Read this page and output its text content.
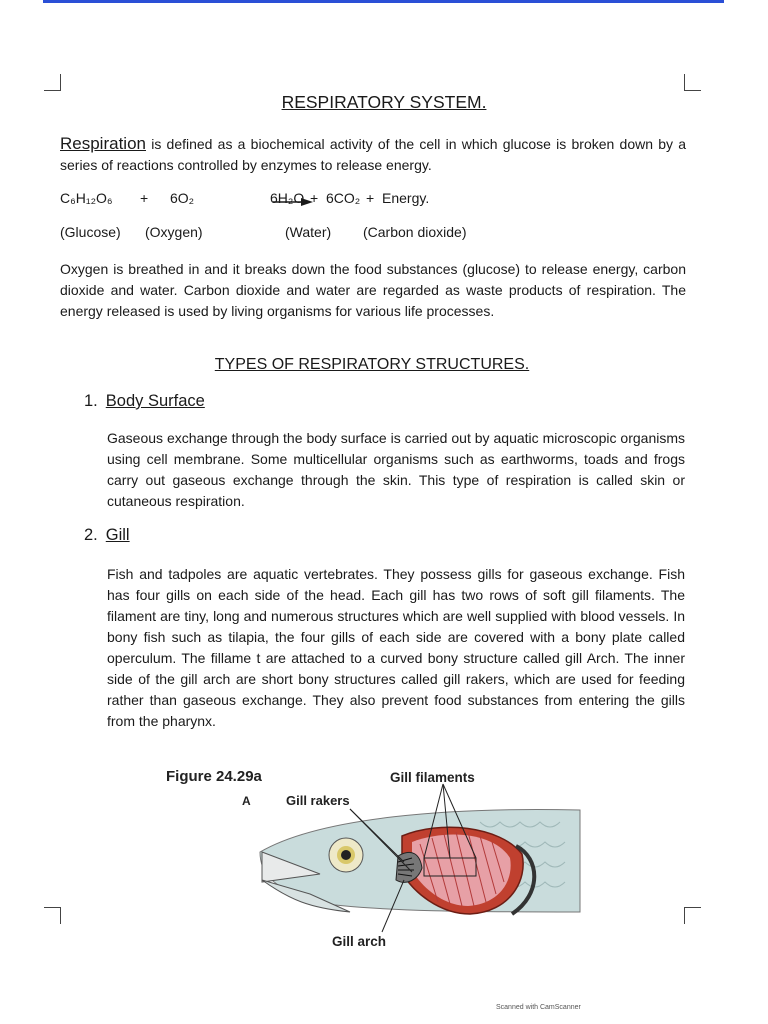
RESPIRATORY SYSTEM.
Respiration is defined as a biochemical activity of the cell in which glucose is broken down by a series of reactions controlled by enzymes to release energy.
C₆H₁₂O₆ + 6O₂	6H₂O + 6CO₂ + Energy.
(Glucose) (Oxygen)	(Water) (Carbon dioxide)
Oxygen is breathed in and it breaks down the food substances (glucose) to release energy, carbon dioxide and water. Carbon dioxide and water are regarded as waste products of respiration. The energy released is used by living organisms for various life processes.
TYPES OF RESPIRATORY STRUCTURES.
1. Body Surface
Gaseous exchange through the body surface is carried out by aquatic microscopic organisms using cell membrane. Some multicellular organisms such as earthworms, toads and frogs carry out gaseous exchange through the skin. This type of respiration is called skin or cutaneous respiration.
2. Gill
Fish and tadpoles are aquatic vertebrates. They possess gills for gaseous exchange. Fish has four gills on each side of the head. Each gill has two rows of soft gill filaments. The filament are tiny, long and numerous structures which are well supplied with blood vessels. In bony fish such as tilapia, the four gills of each side are covered with a bony plate called operculum. The fillame t are attached to a curved bony structure called gill Arch. The inner side of the gill arch are short bony structures called gill rakers, which are used for feeding rather than gaseous exchange. They also prevent food substances from entering the gills from the pharynx.
Figure 24.29a	Gill filaments
A	Gill rakers
Gill arch
Scanned with CamScanner
